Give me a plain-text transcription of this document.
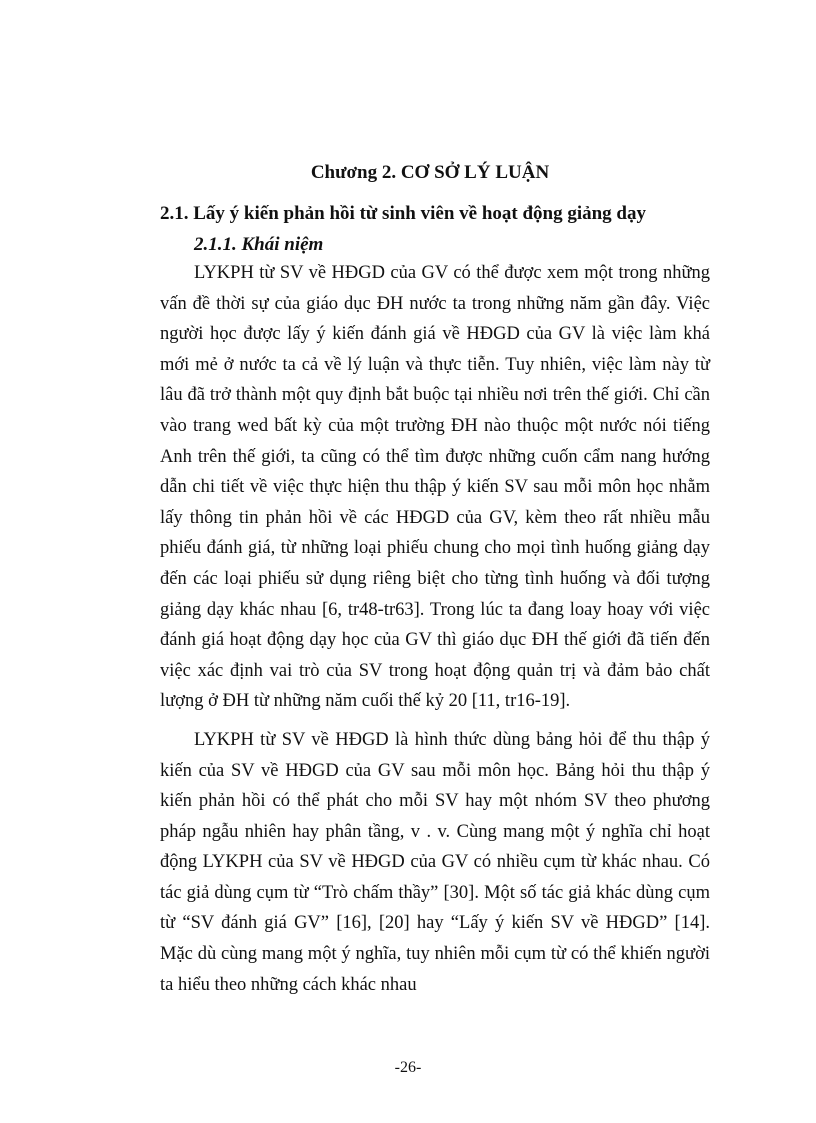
Chương 2. CƠ SỞ LÝ LUẬN
2.1. Lấy ý kiến phản hồi từ sinh viên về hoạt động giảng dạy
2.1.1. Khái niệm

LYKPH từ SV về HĐGD của GV có thể được xem một trong những vấn đề thời sự của giáo dục ĐH nước ta trong những năm gần đây. Việc người học được lấy ý kiến đánh giá về HĐGD của GV là việc làm khá mới mẻ ở nước ta cả về lý luận và thực tiễn. Tuy nhiên, việc làm này từ lâu đã trở thành một quy định bắt buộc tại nhiều nơi trên thế giới. Chỉ cần vào trang wed bất kỳ của một trường ĐH nào thuộc một nước nói tiếng Anh trên thế giới, ta cũng có thể tìm được những cuốn cẩm nang hướng dẫn chi tiết về việc thực hiện thu thập ý kiến SV sau mỗi môn học nhằm lấy thông tin phản hồi về các HĐGD của GV, kèm theo rất nhiều mẫu phiếu đánh giá, từ những loại phiếu chung cho mọi tình huống giảng dạy đến các loại phiếu sử dụng riêng biệt cho từng tình huống và đối tượng giảng dạy khác nhau [6, tr48-tr63]. Trong lúc ta đang loay hoay với việc đánh giá hoạt động dạy học của GV thì giáo dục ĐH thế giới đã tiến đến việc xác định vai trò của SV trong hoạt động quản trị và đảm bảo chất lượng ở ĐH từ những năm cuối thế kỷ 20 [11, tr16-19].

LYKPH từ SV về HĐGD là hình thức dùng bảng hỏi để thu thập ý kiến của SV về HĐGD của GV sau mỗi môn học. Bảng hỏi thu thập ý kiến phản hồi có thể phát cho mỗi SV hay một nhóm SV theo phương pháp ngẫu nhiên hay phân tầng, v . v. Cùng mang một ý nghĩa chỉ hoạt động LYKPH của SV về HĐGD của GV có nhiều cụm từ khác nhau. Có tác giả dùng cụm từ “Trò chấm thầy” [30]. Một số tác giả khác dùng cụm từ “SV đánh giá GV” [16], [20] hay “Lấy ý kiến SV về HĐGD” [14]. Mặc dù cùng mang một ý nghĩa, tuy nhiên mỗi cụm từ có thể khiến người ta hiểu theo những cách khác nhau

-26-
